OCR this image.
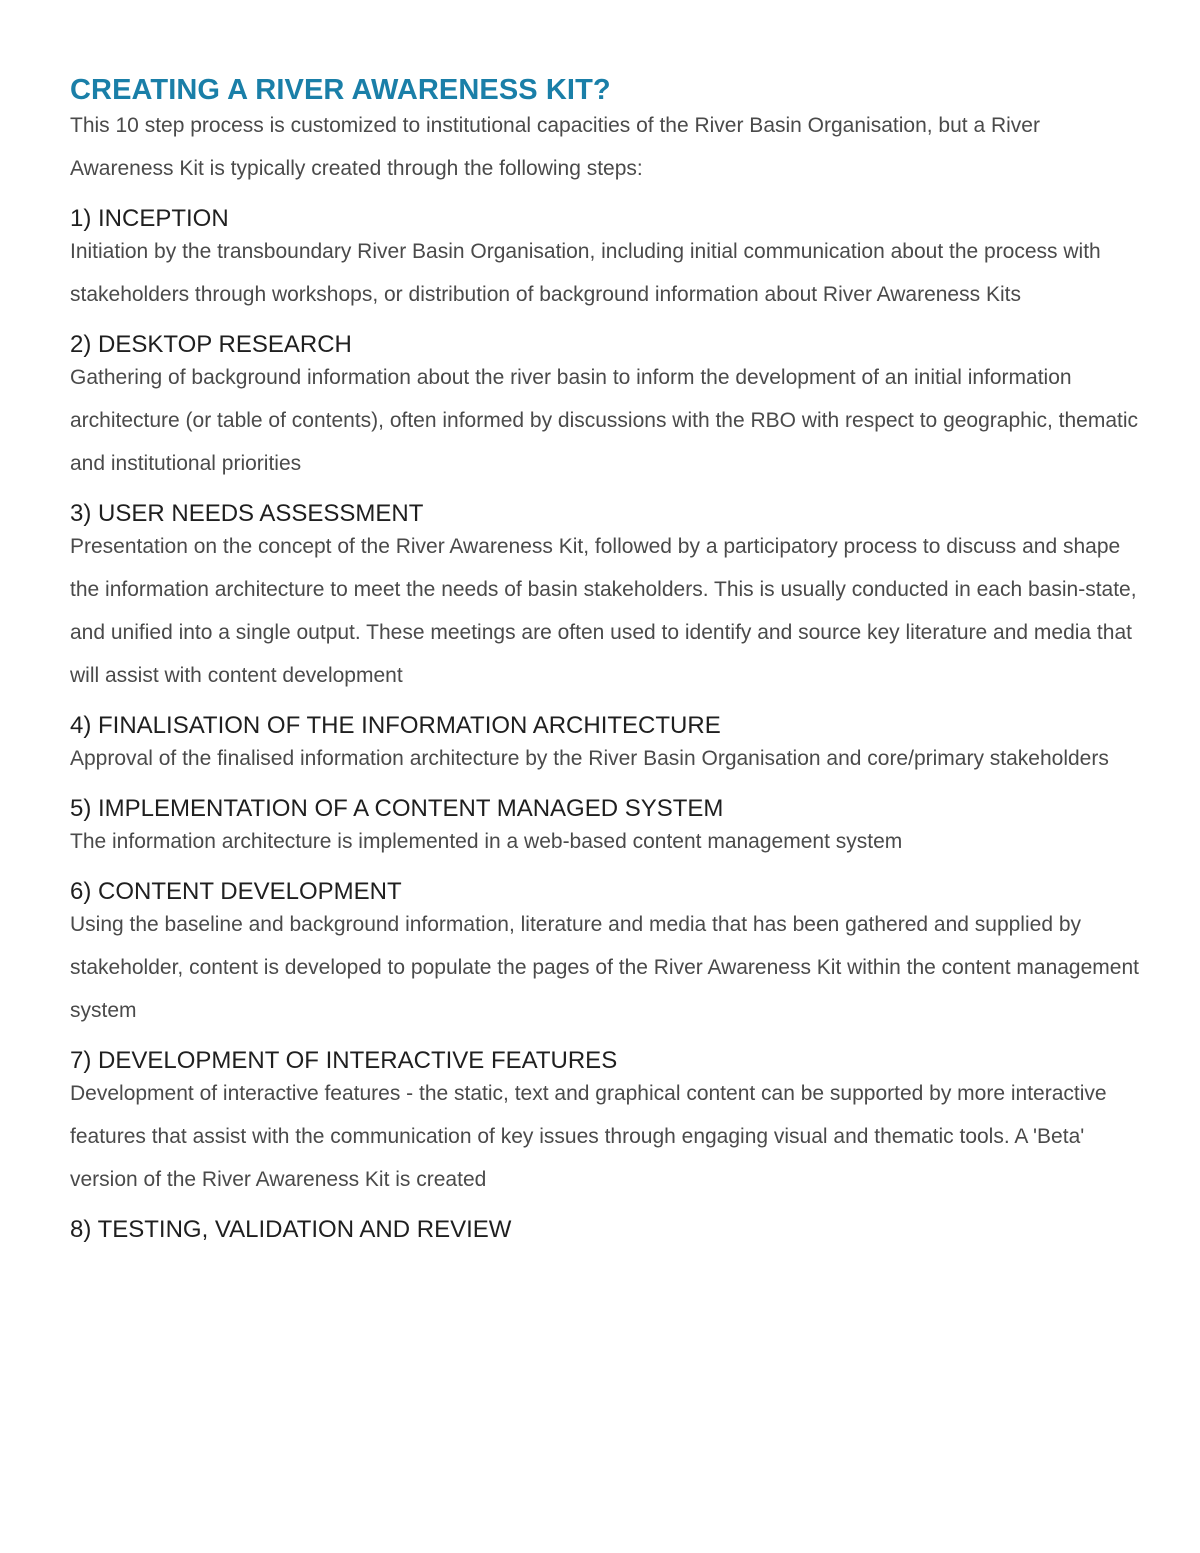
CREATING A RIVER AWARENESS KIT?

This 10 step process is customized to institutional capacities of the River Basin Organisation, but a River Awareness Kit is typically created through the following steps:

1) INCEPTION

Initiation by the transboundary River Basin Organisation, including initial communication about the process with stakeholders through workshops, or distribution of background information about River Awareness Kits

2) DESKTOP RESEARCH

Gathering of background information about the river basin to inform the development of an initial information architecture (or table of contents), often informed by discussions with the RBO with respect to geographic, thematic and institutional priorities

3) USER NEEDS ASSESSMENT

Presentation on the concept of the River Awareness Kit, followed by a participatory process to discuss and shape the information architecture to meet the needs of basin stakeholders. This is usually conducted in each basin-state, and unified into a single output. These meetings are often used to identify and source key literature and media that will assist with content development

4) FINALISATION OF THE INFORMATION ARCHITECTURE

Approval of the finalised information architecture by the River Basin Organisation and core/primary stakeholders

5) IMPLEMENTATION OF A CONTENT MANAGED SYSTEM

The information architecture is implemented in a web-based content management system

6) CONTENT DEVELOPMENT

Using the baseline and background information, literature and media that has been gathered and supplied by stakeholder, content is developed to populate the pages of the River Awareness Kit within the content management system

7) DEVELOPMENT OF INTERACTIVE FEATURES

Development of interactive features - the static, text and graphical content can be supported by more interactive features that assist with the communication of key issues through engaging visual and thematic tools. A 'Beta' version of the River Awareness Kit is created

8) TESTING, VALIDATION AND REVIEW
